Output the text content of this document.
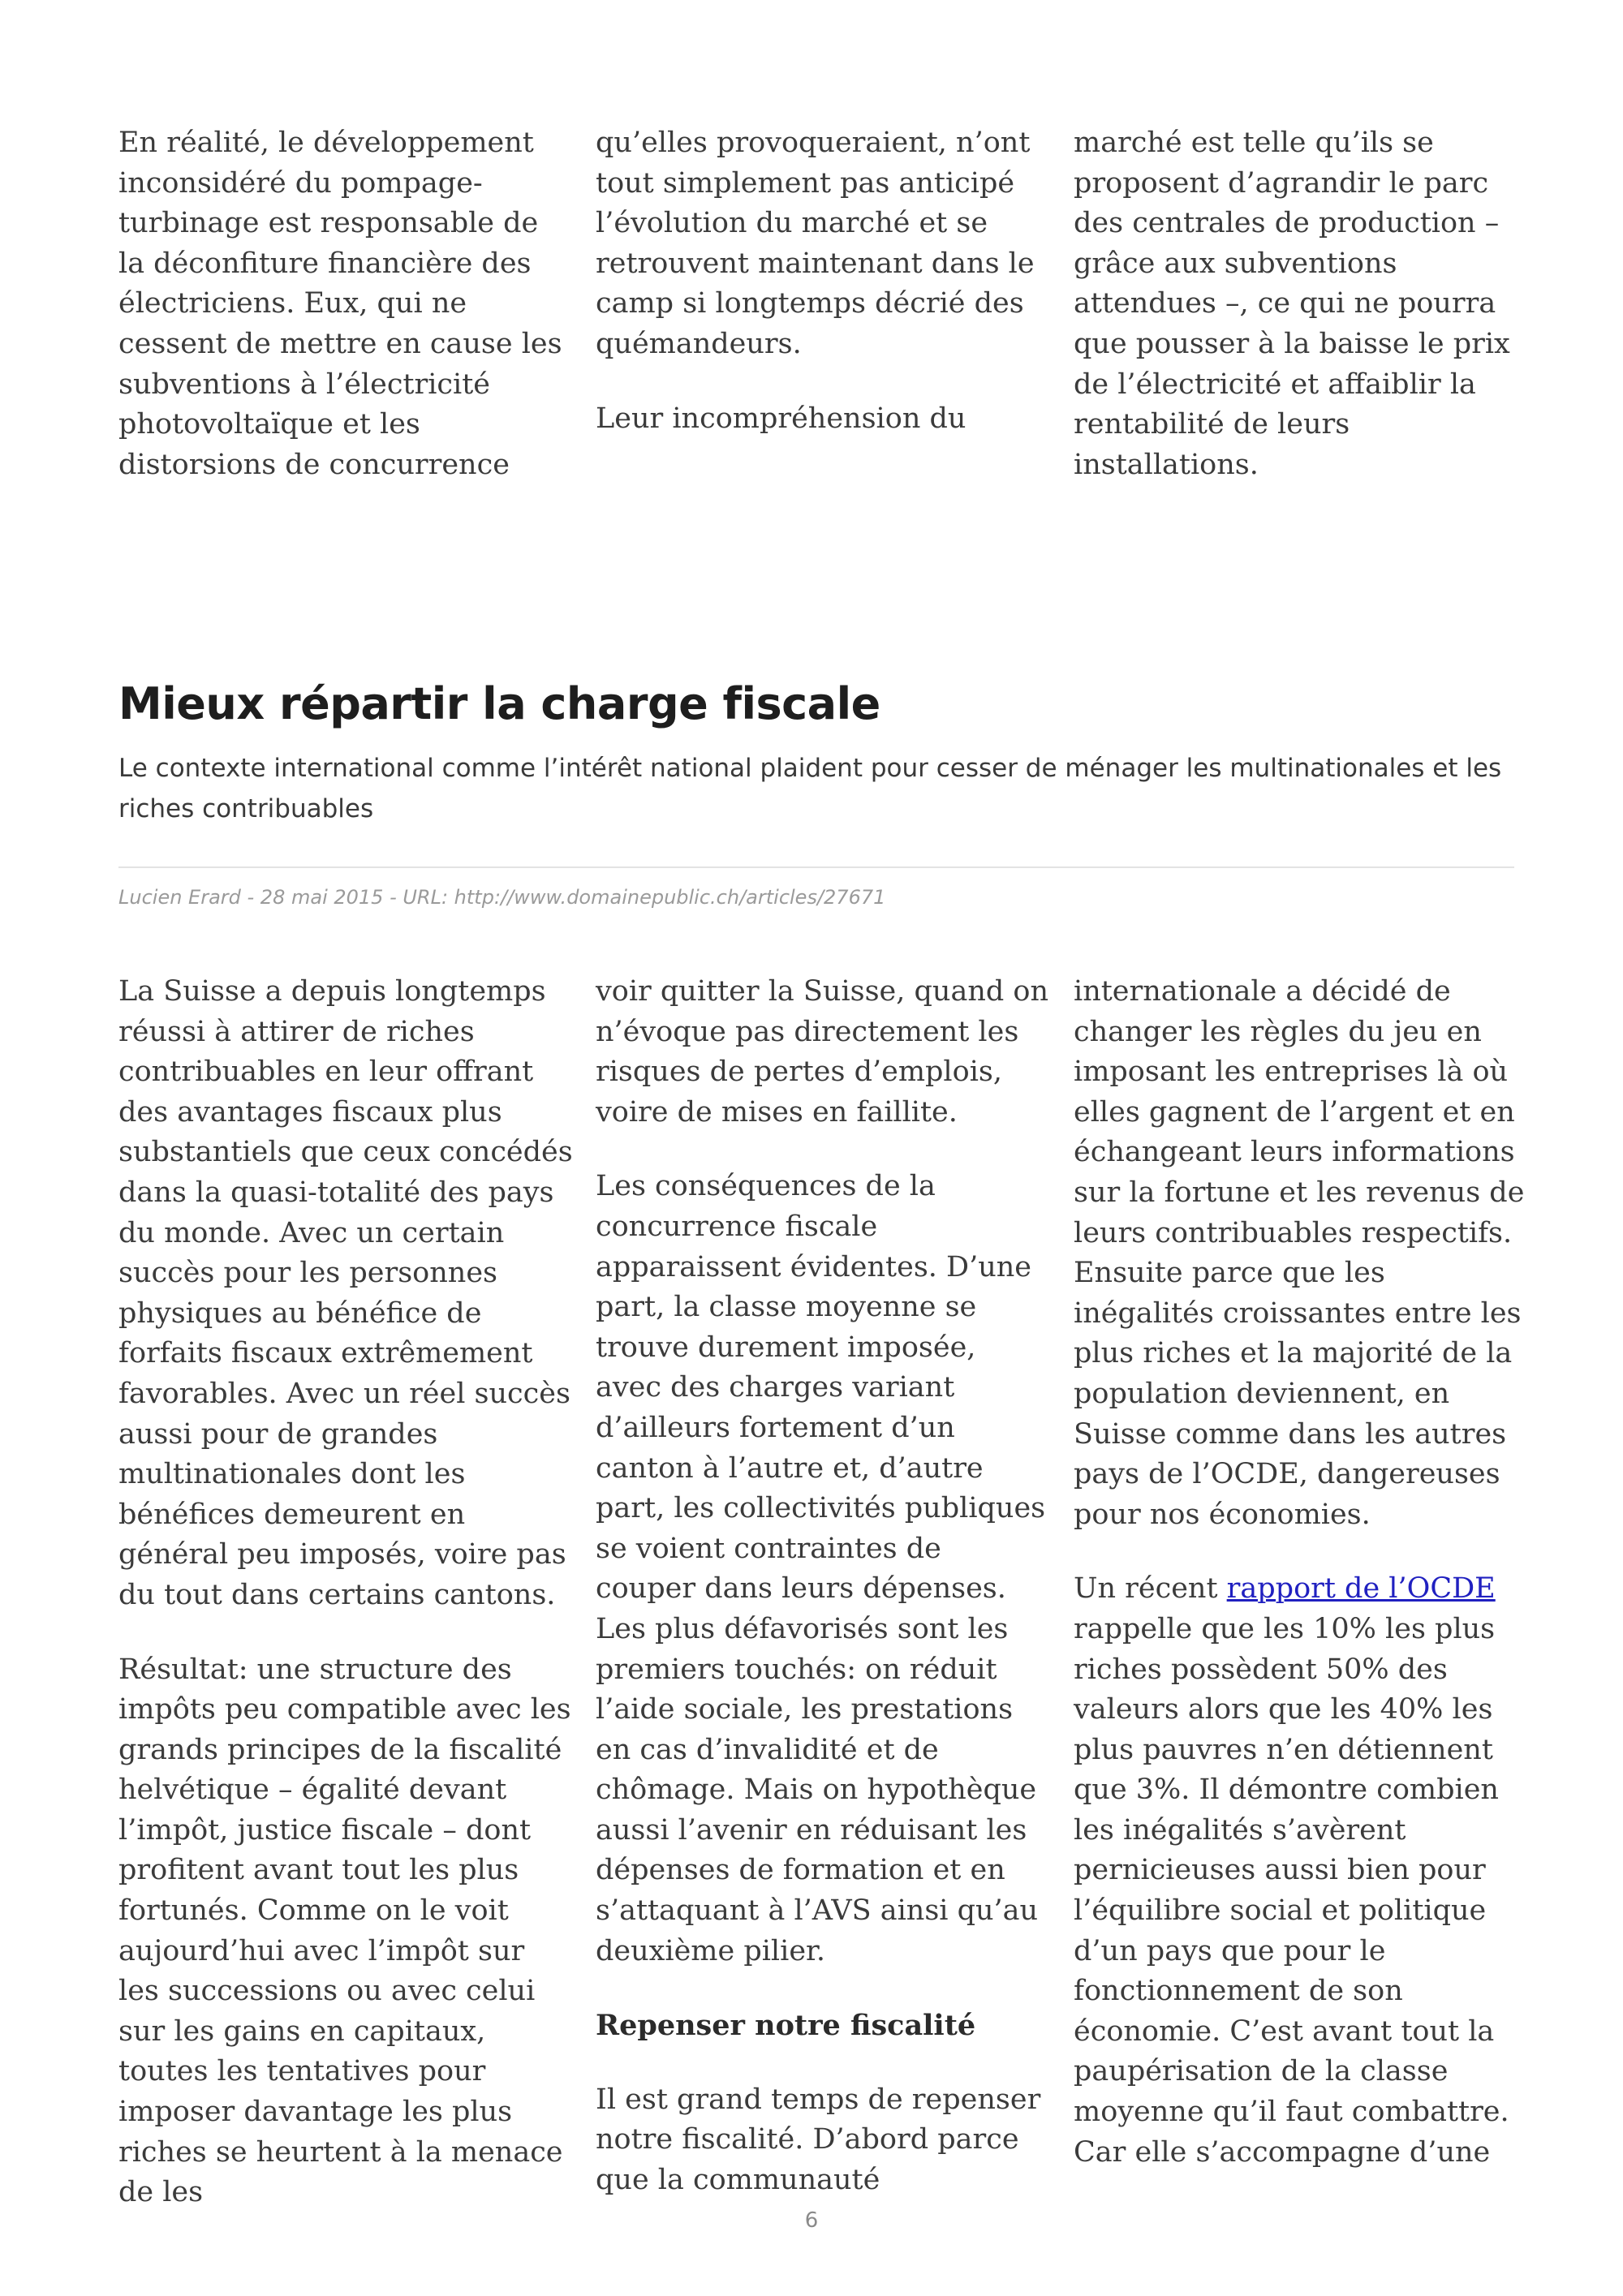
En réalité, le développement inconsidéré du pompage-turbinage est responsable de la déconfiture financière des électriciens. Eux, qui ne cessent de mettre en cause les subventions à l’électricité photovoltaïque et les distorsions de concurrence

qu’elles provoqueraient, n’ont tout simplement pas anticipé l’évolution du marché et se retrouvent maintenant dans le camp si longtemps décrié des quémandeurs.

Leur incompréhension du

marché est telle qu’ils se proposent d’agrandir le parc des centrales de production – grâce aux subventions attendues –, ce qui ne pourra que pousser à la baisse le prix de l’électricité et affaiblir la rentabilité de leurs installations.

Mieux répartir la charge fiscale

Le contexte international comme l’intérêt national plaident pour cesser de ménager les multinationales et les riches contribuables

Lucien Erard - 28 mai 2015 - URL: http://www.domainepublic.ch/articles/27671

La Suisse a depuis longtemps réussi à attirer de riches contribuables en leur offrant des avantages fiscaux plus substantiels que ceux concédés dans la quasi-totalité des pays du monde. Avec un certain succès pour les personnes physiques au bénéfice de forfaits fiscaux extrêmement favorables. Avec un réel succès aussi pour de grandes multinationales dont les bénéfices demeurent en général peu imposés, voire pas du tout dans certains cantons.

Résultat: une structure des impôts peu compatible avec les grands principes de la fiscalité helvétique – égalité devant l’impôt, justice fiscale – dont profitent avant tout les plus fortunés. Comme on le voit aujourd’hui avec l’impôt sur les successions ou avec celui sur les gains en capitaux, toutes les tentatives pour imposer davantage les plus riches se heurtent à la menace de les

voir quitter la Suisse, quand on n’évoque pas directement les risques de pertes d’emplois, voire de mises en faillite.

Les conséquences de la concurrence fiscale apparaissent évidentes. D’une part, la classe moyenne se trouve durement imposée, avec des charges variant d’ailleurs fortement d’un canton à l’autre et, d’autre part, les collectivités publiques se voient contraintes de couper dans leurs dépenses. Les plus défavorisés sont les premiers touchés: on réduit l’aide sociale, les prestations en cas d’invalidité et de chômage. Mais on hypothèque aussi l’avenir en réduisant les dépenses de formation et en s’attaquant à l’AVS ainsi qu’au deuxième pilier.

Repenser notre fiscalité

Il est grand temps de repenser notre fiscalité. D’abord parce que la communauté

internationale a décidé de changer les règles du jeu en imposant les entreprises là où elles gagnent de l’argent et en échangeant leurs informations sur la fortune et les revenus de leurs contribuables respectifs. Ensuite parce que les inégalités croissantes entre les plus riches et la majorité de la population deviennent, en Suisse comme dans les autres pays de l’OCDE, dangereuses pour nos économies.

Un récent rapport de l’OCDE rappelle que les 10% les plus riches possèdent 50% des valeurs alors que les 40% les plus pauvres n’en détiennent que 3%. Il démontre combien les inégalités s’avèrent pernicieuses aussi bien pour l’équilibre social et politique d’un pays que pour le fonctionnement de son économie. C’est avant tout la paupérisation de la classe moyenne qu’il faut combattre. Car elle s’accompagne d’une

6
